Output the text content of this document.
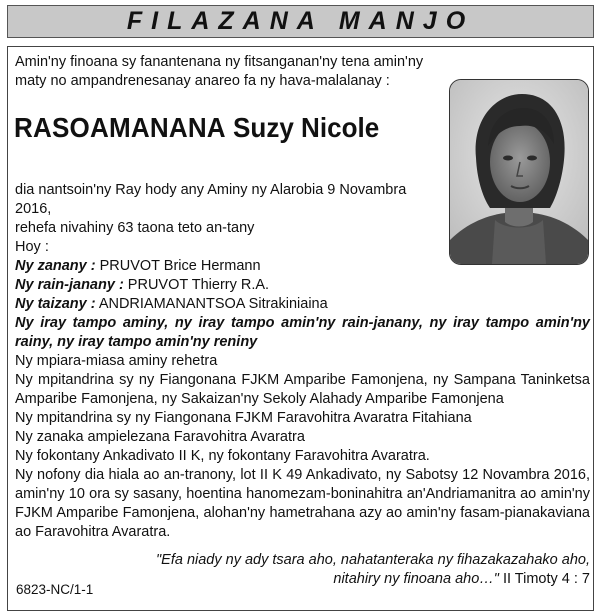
FILAZANA MANJO
Amin'ny finoana sy fanantenana ny fitsanganan'ny tena amin'ny maty no ampandrenesanay anareo fa ny hava-malalanay :
RASOAMANANA Suzy Nicole

dia nantsoin'ny Ray hody any Aminy ny Alarobia 9 Novambra 2016,

rehefa nivahiny 63 taona teto an-tany

Hoy :

Ny zanany : PRUVOT Brice Hermann

Ny rain-janany : PRUVOT Thierry R.A.

Ny taizany : ANDRIAMANANTSOA Sitrakiniaina

Ny iray tampo aminy, ny iray tampo amin'ny rain-janany, ny iray tampo amin'ny rainy, ny iray tampo amin'ny reniny

Ny mpiara-miasa aminy rehetra

Ny mpitandrina sy ny Fiangonana FJKM Amparibe Famonjena, ny Sampana Taninketsa Amparibe Famonjena, ny Sakaizan'ny Sekoly Alahady Amparibe Famonjena

Ny mpitandrina sy ny Fiangonana FJKM Faravohitra Avaratra Fitahiana

Ny zanaka ampielezana Faravohitra Avaratra

Ny fokontany Ankadivato II K, ny fokontany Faravohitra Avaratra.

Ny nofony dia hiala ao an-tranony, lot II K 49 Ankadivato, ny Sabotsy 12 Novambra 2016, amin'ny 10 ora sy sasany, hoentina hanomezam-boninahitra an'Andriamanitra ao amin'ny FJKM Amparibe Famonjena, alohan'ny hametrahana azy ao amin'ny fasam-pianakaviana ao Faravohitra Avaratra.

"Efa niady ny ady tsara aho, nahatanteraka ny fihazakazahako aho,
nitahiry ny finoana aho…" II Timoty 4 : 7
6823-NC/1-1
